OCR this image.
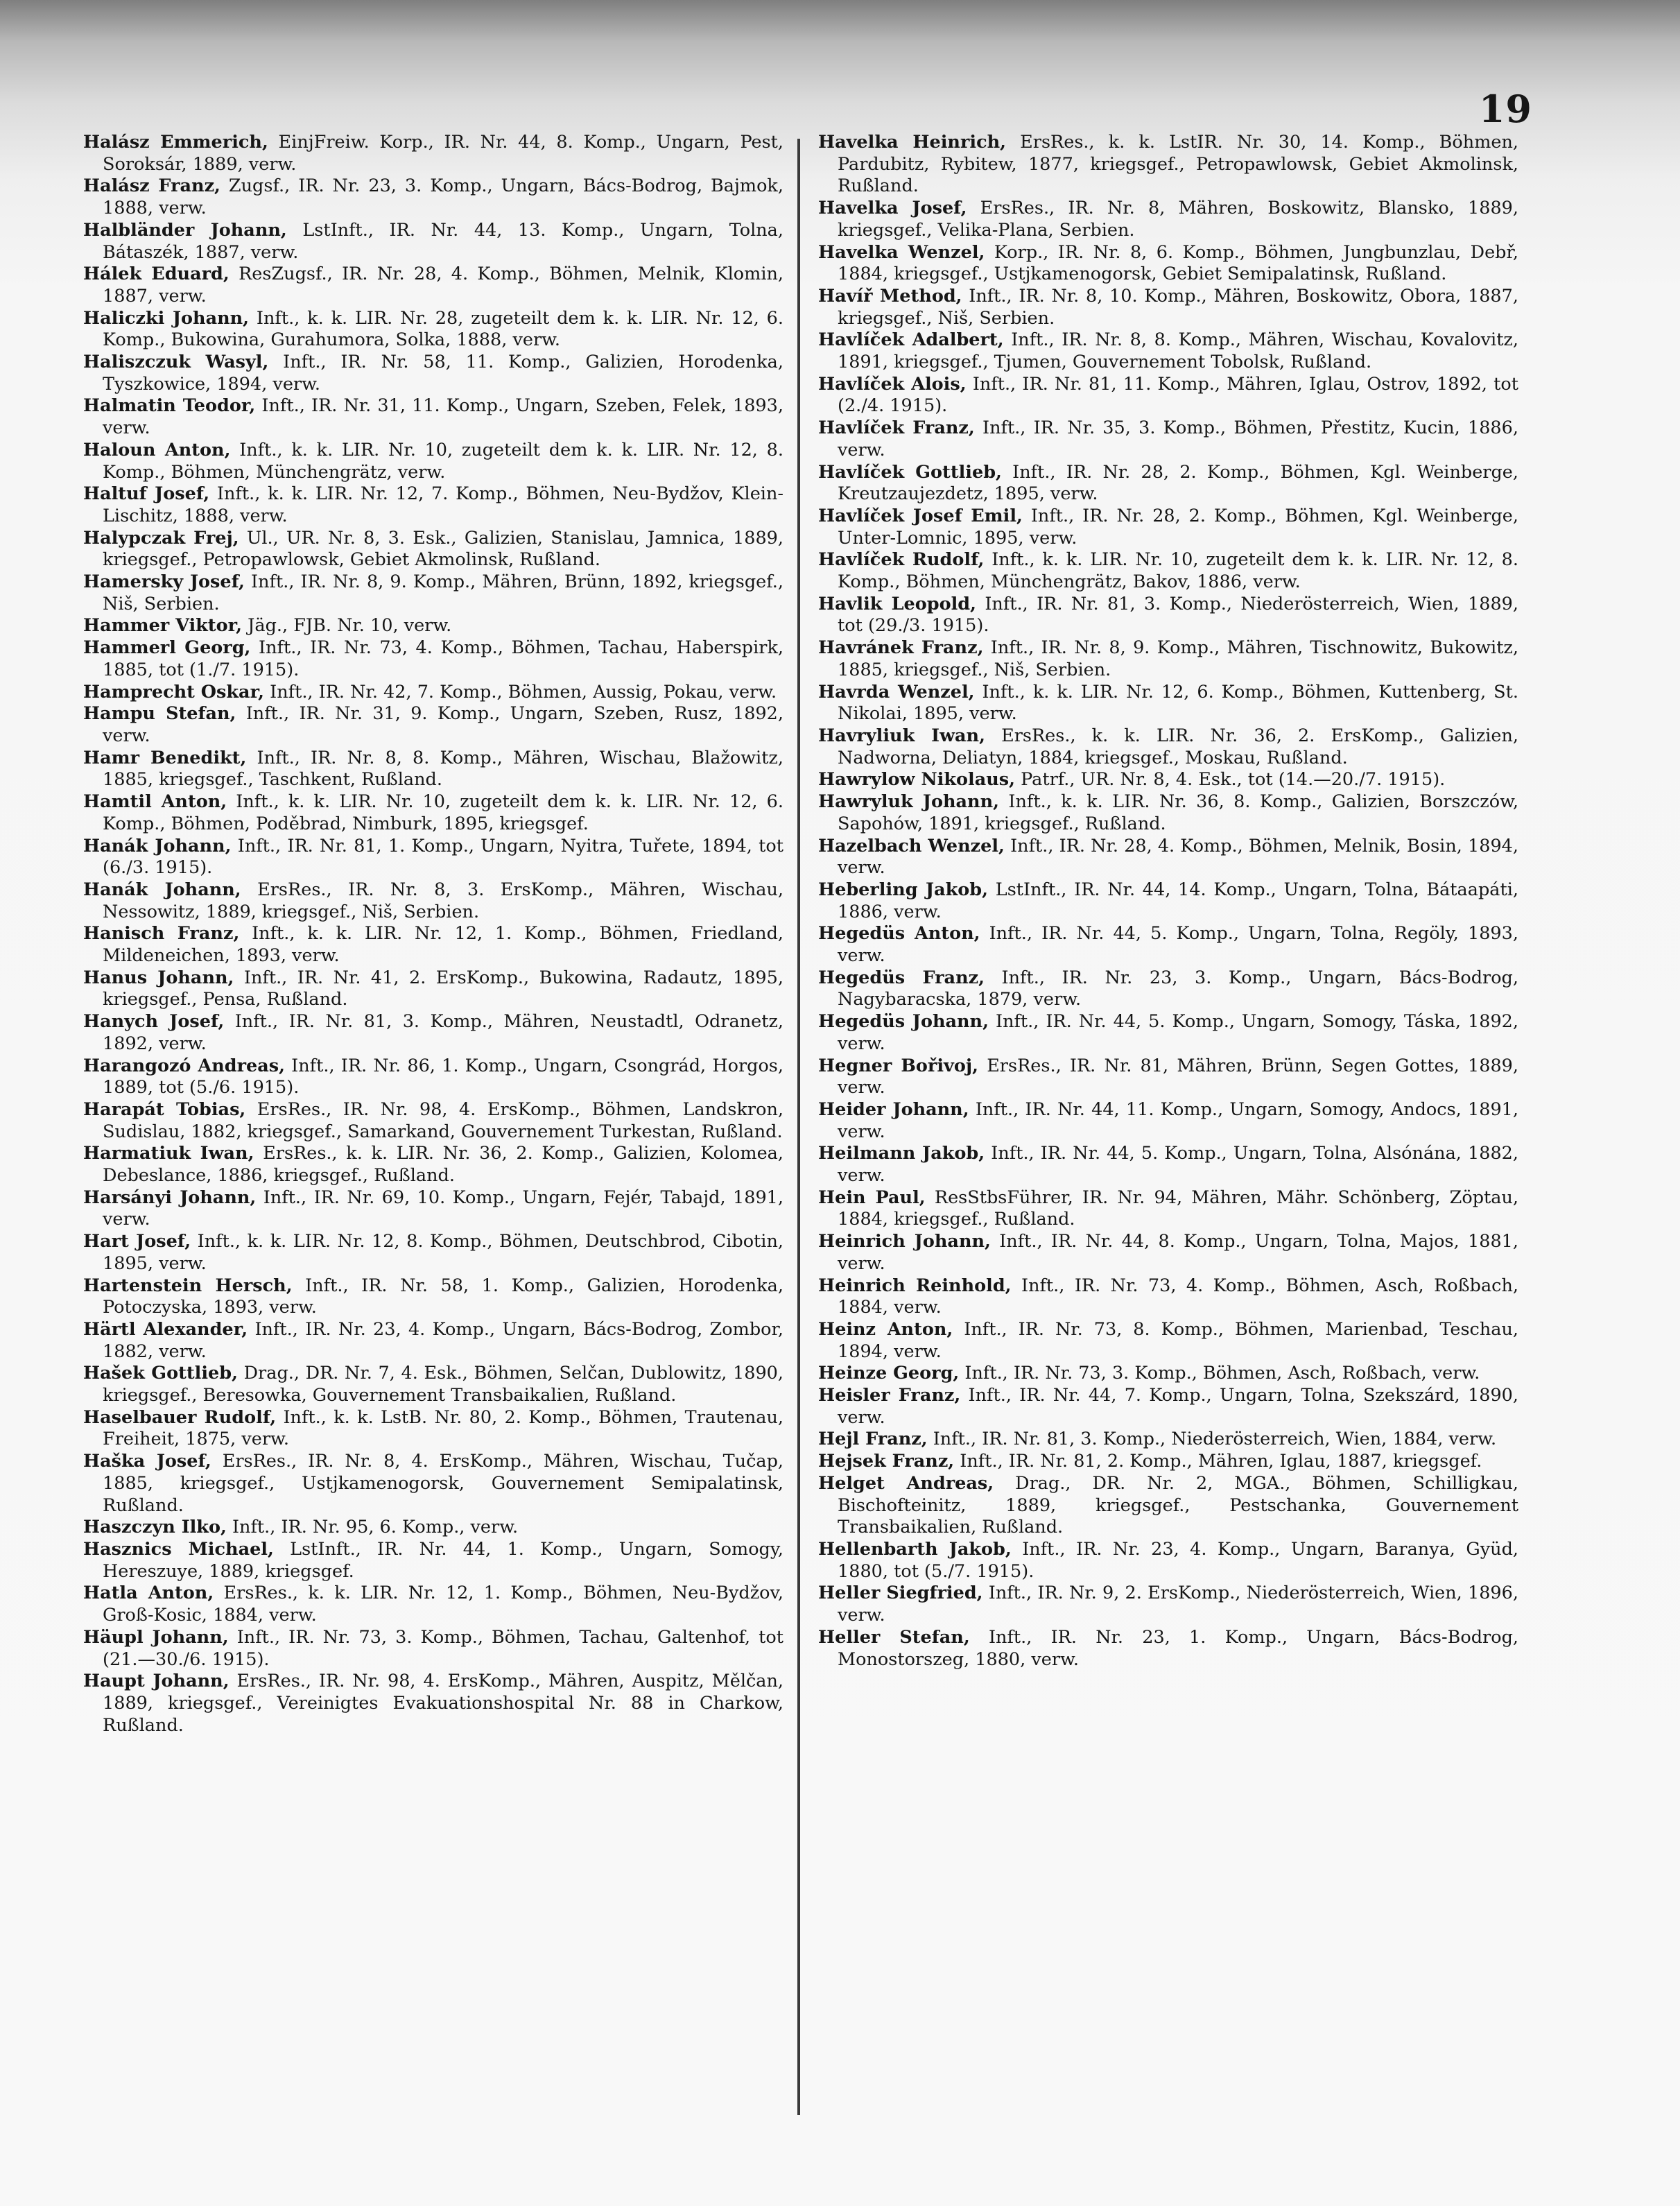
19

Halász Emmerich, EinjFreiw. Korp., IR. Nr. 44, 8. Komp., Ungarn, Pest, Soroksár, 1889, verw.

Halász Franz, Zugsf., IR. Nr. 23, 3. Komp., Ungarn, Bács-Bodrog, Bajmok, 1888, verw.

Halbländer Johann, LstInft., IR. Nr. 44, 13. Komp., Ungarn, Tolna, Bátaszék, 1887, verw.

Hálek Eduard, ResZugsf., IR. Nr. 28, 4. Komp., Böhmen, Melnik, Klomin, 1887, verw.

Haliczki Johann, Inft., k. k. LIR. Nr. 28, zugeteilt dem k. k. LIR. Nr. 12, 6. Komp., Bukowina, Gurahumora, Solka, 1888, verw.

Haliszczuk Wasyl, Inft., IR. Nr. 58, 11. Komp., Galizien, Horodenka, Tyszkowice, 1894, verw.

Halmatin Teodor, Inft., IR. Nr. 31, 11. Komp., Ungarn, Szeben, Felek, 1893, verw.

Haloun Anton, Inft., k. k. LIR. Nr. 10, zugeteilt dem k. k. LIR. Nr. 12, 8. Komp., Böhmen, Münchengrätz, verw.

Haltuf Josef, Inft., k. k. LIR. Nr. 12, 7. Komp., Böhmen, Neu-Bydžov, Klein-Lischitz, 1888, verw.

Halypczak Frej, Ul., UR. Nr. 8, 3. Esk., Galizien, Stanislau, Jamnica, 1889, kriegsgef., Petropawlowsk, Gebiet Akmolinsk, Rußland.

Hamersky Josef, Inft., IR. Nr. 8, 9. Komp., Mähren, Brünn, 1892, kriegsgef., Niš, Serbien.

Hammer Viktor, Jäg., FJB. Nr. 10, verw.

Hammerl Georg, Inft., IR. Nr. 73, 4. Komp., Böhmen, Tachau, Haberspirk, 1885, tot (1./7. 1915).

Hamprecht Oskar, Inft., IR. Nr. 42, 7. Komp., Böhmen, Aussig, Pokau, verw.

Hampu Stefan, Inft., IR. Nr. 31, 9. Komp., Ungarn, Szeben, Rusz, 1892, verw.

Hamr Benedikt, Inft., IR. Nr. 8, 8. Komp., Mähren, Wischau, Blažowitz, 1885, kriegsgef., Taschkent, Rußland.

Hamtil Anton, Inft., k. k. LIR. Nr. 10, zugeteilt dem k. k. LIR. Nr. 12, 6. Komp., Böhmen, Poděbrad, Nimburk, 1895, kriegsgef.

Hanák Johann, Inft., IR. Nr. 81, 1. Komp., Ungarn, Nyitra, Tuřete, 1894, tot (6./3. 1915).

Hanák Johann, ErsRes., IR. Nr. 8, 3. ErsKomp., Mähren, Wischau, Nessowitz, 1889, kriegsgef., Niš, Serbien.

Hanisch Franz, Inft., k. k. LIR. Nr. 12, 1. Komp., Böhmen, Friedland, Mildeneichen, 1893, verw.

Hanus Johann, Inft., IR. Nr. 41, 2. ErsKomp., Bukowina, Radautz, 1895, kriegsgef., Pensa, Rußland.

Hanych Josef, Inft., IR. Nr. 81, 3. Komp., Mähren, Neustadtl, Odranetz, 1892, verw.

Harangozó Andreas, Inft., IR. Nr. 86, 1. Komp., Ungarn, Csongrád, Horgos, 1889, tot (5./6. 1915).

Harapát Tobias, ErsRes., IR. Nr. 98, 4. ErsKomp., Böhmen, Landskron, Sudislau, 1882, kriegsgef., Samarkand, Gouvernement Turkestan, Rußland.

Harmatiuk Iwan, ErsRes., k. k. LIR. Nr. 36, 2. Komp., Galizien, Kolomea, Debeslance, 1886, kriegsgef., Rußland.

Harsányi Johann, Inft., IR. Nr. 69, 10. Komp., Ungarn, Fejér, Tabajd, 1891, verw.

Hart Josef, Inft., k. k. LIR. Nr. 12, 8. Komp., Böhmen, Deutschbrod, Cibotin, 1895, verw.

Hartenstein Hersch, Inft., IR. Nr. 58, 1. Komp., Galizien, Horodenka, Potoczyska, 1893, verw.

Härtl Alexander, Inft., IR. Nr. 23, 4. Komp., Ungarn, Bács-Bodrog, Zombor, 1882, verw.

Hašek Gottlieb, Drag., DR. Nr. 7, 4. Esk., Böhmen, Selčan, Dublowitz, 1890, kriegsgef., Beresowka, Gouvernement Transbaikalien, Rußland.

Haselbauer Rudolf, Inft., k. k. LstB. Nr. 80, 2. Komp., Böhmen, Trautenau, Freiheit, 1875, verw.

Haška Josef, ErsRes., IR. Nr. 8, 4. ErsKomp., Mähren, Wischau, Tučap, 1885, kriegsgef., Ustjkamenogorsk, Gouvernement Semipalatinsk, Rußland.

Haszczyn Ilko, Inft., IR. Nr. 95, 6. Komp., verw.

Hasznics Michael, LstInft., IR. Nr. 44, 1. Komp., Ungarn, Somogy, Hereszuye, 1889, kriegsgef.

Hatla Anton, ErsRes., k. k. LIR. Nr. 12, 1. Komp., Böhmen, Neu-Bydžov, Groß-Kosic, 1884, verw.

Häupl Johann, Inft., IR. Nr. 73, 3. Komp., Böhmen, Tachau, Galtenhof, tot (21.—30./6. 1915).

Haupt Johann, ErsRes., IR. Nr. 98, 4. ErsKomp., Mähren, Auspitz, Mělčan, 1889, kriegsgef., Vereinigtes Evakuationshospital Nr. 88 in Charkow, Rußland.

Havelka Heinrich, ErsRes., k. k. LstIR. Nr. 30, 14. Komp., Böhmen, Pardubitz, Rybitew, 1877, kriegsgef., Petropawlowsk, Gebiet Akmolinsk, Rußland.

Havelka Josef, ErsRes., IR. Nr. 8, Mähren, Boskowitz, Blansko, 1889, kriegsgef., Velika-Plana, Serbien.

Havelka Wenzel, Korp., IR. Nr. 8, 6. Komp., Böhmen, Jungbunzlau, Debř, 1884, kriegsgef., Ustjkamenogorsk, Gebiet Semipalatinsk, Rußland.

Havíř Method, Inft., IR. Nr. 8, 10. Komp., Mähren, Boskowitz, Obora, 1887, kriegsgef., Niš, Serbien.

Havlíček Adalbert, Inft., IR. Nr. 8, 8. Komp., Mähren, Wischau, Kovalovitz, 1891, kriegsgef., Tjumen, Gouvernement Tobolsk, Rußland.

Havlíček Alois, Inft., IR. Nr. 81, 11. Komp., Mähren, Iglau, Ostrov, 1892, tot (2./4. 1915).

Havlíček Franz, Inft., IR. Nr. 35, 3. Komp., Böhmen, Přestitz, Kucin, 1886, verw.

Havlíček Gottlieb, Inft., IR. Nr. 28, 2. Komp., Böhmen, Kgl. Weinberge, Kreutzaujezdetz, 1895, verw.

Havlíček Josef Emil, Inft., IR. Nr. 28, 2. Komp., Böhmen, Kgl. Weinberge, Unter-Lomnic, 1895, verw.

Havlíček Rudolf, Inft., k. k. LIR. Nr. 10, zugeteilt dem k. k. LIR. Nr. 12, 8. Komp., Böhmen, Münchengrätz, Bakov, 1886, verw.

Havlik Leopold, Inft., IR. Nr. 81, 3. Komp., Niederösterreich, Wien, 1889, tot (29./3. 1915).

Havránek Franz, Inft., IR. Nr. 8, 9. Komp., Mähren, Tischnowitz, Bukowitz, 1885, kriegsgef., Niš, Serbien.

Havrda Wenzel, Inft., k. k. LIR. Nr. 12, 6. Komp., Böhmen, Kuttenberg, St. Nikolai, 1895, verw.

Havryliuk Iwan, ErsRes., k. k. LIR. Nr. 36, 2. ErsKomp., Galizien, Nadworna, Deliatyn, 1884, kriegsgef., Moskau, Rußland.

Hawrylow Nikolaus, Patrf., UR. Nr. 8, 4. Esk., tot (14.—20./7. 1915).

Hawryluk Johann, Inft., k. k. LIR. Nr. 36, 8. Komp., Galizien, Borszczów, Sapohów, 1891, kriegsgef., Rußland.

Hazelbach Wenzel, Inft., IR. Nr. 28, 4. Komp., Böhmen, Melnik, Bosin, 1894, verw.

Heberling Jakob, LstInft., IR. Nr. 44, 14. Komp., Ungarn, Tolna, Bátaapáti, 1886, verw.

Hegedüs Anton, Inft., IR. Nr. 44, 5. Komp., Ungarn, Tolna, Regöly, 1893, verw.

Hegedüs Franz, Inft., IR. Nr. 23, 3. Komp., Ungarn, Bács-Bodrog, Nagybaracska, 1879, verw.

Hegedüs Johann, Inft., IR. Nr. 44, 5. Komp., Ungarn, Somogy, Táska, 1892, verw.

Hegner Bořivoj, ErsRes., IR. Nr. 81, Mähren, Brünn, Segen Gottes, 1889, verw.

Heider Johann, Inft., IR. Nr. 44, 11. Komp., Ungarn, Somogy, Andocs, 1891, verw.

Heilmann Jakob, Inft., IR. Nr. 44, 5. Komp., Ungarn, Tolna, Alsónána, 1882, verw.

Hein Paul, ResStbsFührer, IR. Nr. 94, Mähren, Mähr. Schönberg, Zöptau, 1884, kriegsgef., Rußland.

Heinrich Johann, Inft., IR. Nr. 44, 8. Komp., Ungarn, Tolna, Majos, 1881, verw.

Heinrich Reinhold, Inft., IR. Nr. 73, 4. Komp., Böhmen, Asch, Roßbach, 1884, verw.

Heinz Anton, Inft., IR. Nr. 73, 8. Komp., Böhmen, Marienbad, Teschau, 1894, verw.

Heinze Georg, Inft., IR. Nr. 73, 3. Komp., Böhmen, Asch, Roßbach, verw.

Heisler Franz, Inft., IR. Nr. 44, 7. Komp., Ungarn, Tolna, Szekszárd, 1890, verw.

Hejl Franz, Inft., IR. Nr. 81, 3. Komp., Niederösterreich, Wien, 1884, verw.

Hejsek Franz, Inft., IR. Nr. 81, 2. Komp., Mähren, Iglau, 1887, kriegsgef.

Helget Andreas, Drag., DR. Nr. 2, MGA., Böhmen, Schilligkau, Bischofteinitz, 1889, kriegsgef., Pestschanka, Gouvernement Transbaikalien, Rußland.

Hellenbarth Jakob, Inft., IR. Nr. 23, 4. Komp., Ungarn, Baranya, Gyüd, 1880, tot (5./7. 1915).

Heller Siegfried, Inft., IR. Nr. 9, 2. ErsKomp., Niederösterreich, Wien, 1896, verw.

Heller Stefan, Inft., IR. Nr. 23, 1. Komp., Ungarn, Bács-Bodrog, Monostorszeg, 1880, verw.
